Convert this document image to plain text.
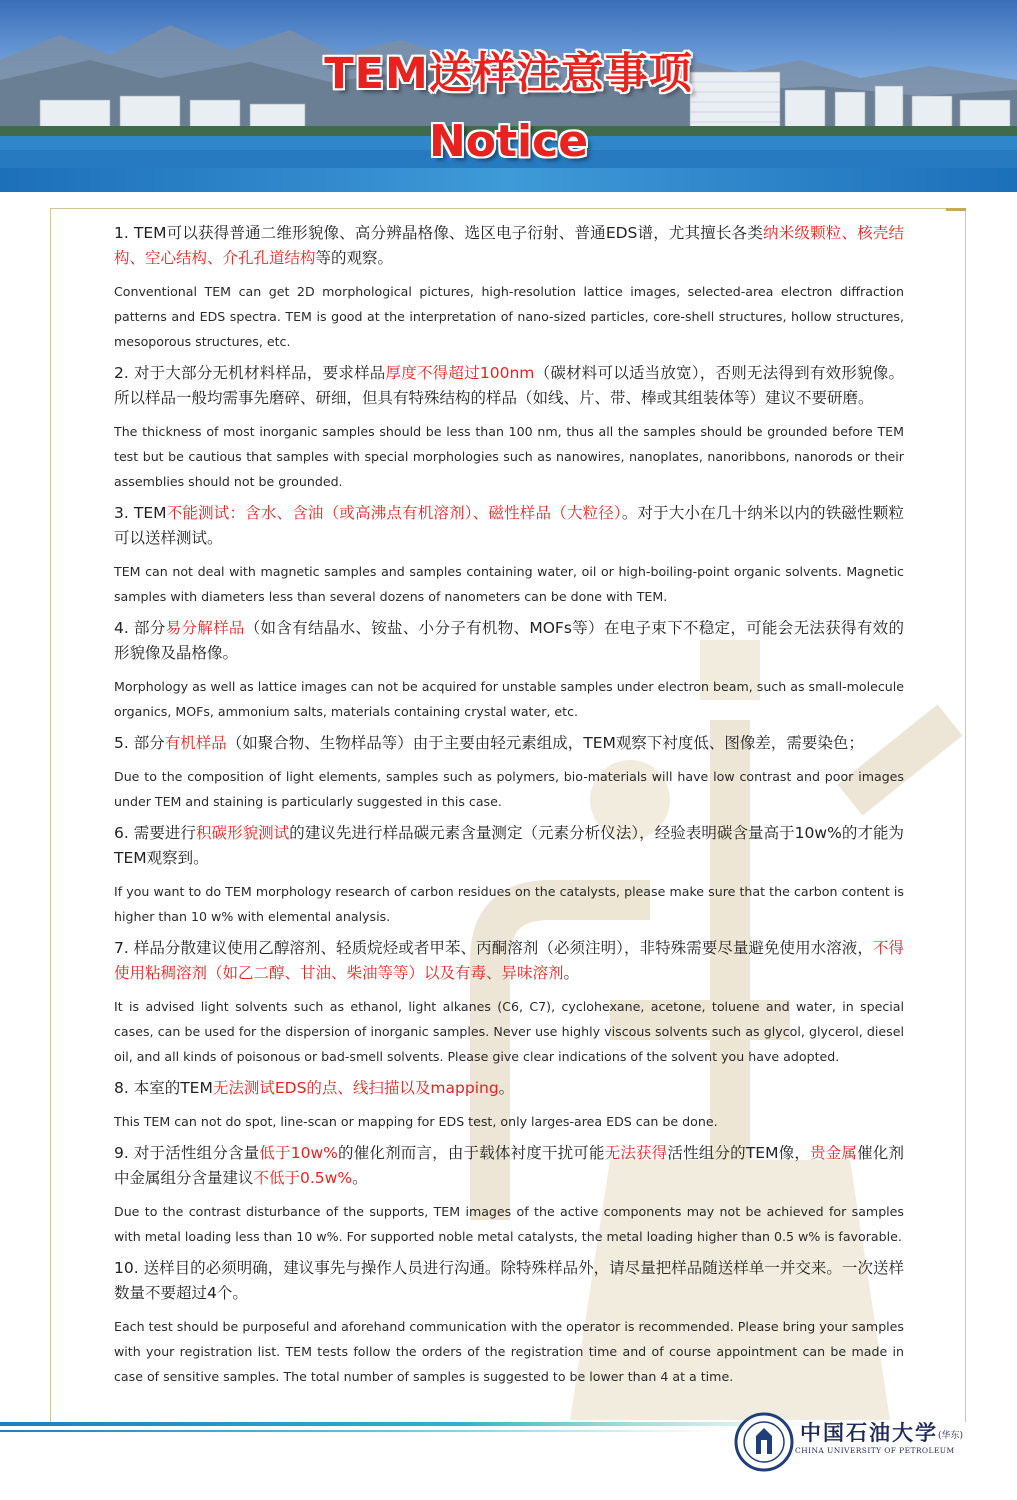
TEM送样注意事项
Notice

1. TEM可以获得普通二维形貌像、高分辨晶格像、选区电子衍射、普通EDS谱，尤其擅长各类纳米级颗粒、核壳结构、空心结构、介孔孔道结构等的观察。

Conventional TEM can get 2D morphological pictures, high-resolution lattice images, selected-area electron diffraction patterns and EDS spectra. TEM is good at the interpretation of nano-sized particles, core-shell structures, hollow structures, mesoporous structures, etc.

2. 对于大部分无机材料样品，要求样品厚度不得超过100nm（碳材料可以适当放宽），否则无法得到有效形貌像。所以样品一般均需事先磨碎、研细，但具有特殊结构的样品（如线、片、带、棒或其组装体等）建议不要研磨。

The thickness of most inorganic samples should be less than 100 nm, thus all the samples should be grounded before TEM test but be cautious that samples with special morphologies such as nanowires, nanoplates, nanoribbons, nanorods or their assemblies should not be grounded.

3. TEM不能测试：含水、含油（或高沸点有机溶剂）、磁性样品（大粒径）。对于大小在几十纳米以内的铁磁性颗粒可以送样测试。

TEM can not deal with magnetic samples and samples containing water, oil or high-boiling-point organic solvents. Magnetic samples with diameters less than several dozens of nanometers can be done with TEM.

4. 部分易分解样品（如含有结晶水、铵盐、小分子有机物、MOFs等）在电子束下不稳定，可能会无法获得有效的形貌像及晶格像。

Morphology as well as lattice images can not be acquired for unstable samples under electron beam, such as small-molecule organics, MOFs, ammonium salts, materials containing crystal water, etc.

5. 部分有机样品（如聚合物、生物样品等）由于主要由轻元素组成，TEM观察下衬度低、图像差，需要染色；

Due to the composition of light elements, samples such as polymers, bio-materials will have low contrast and poor images under TEM and staining is particularly suggested in this case.

6. 需要进行积碳形貌测试的建议先进行样品碳元素含量测定（元素分析仪法），经验表明碳含量高于10w%的才能为TEM观察到。

If you want to do TEM morphology research of carbon residues on the catalysts, please make sure that the carbon content is higher than 10 w% with elemental analysis.

7. 样品分散建议使用乙醇溶剂、轻质烷烃或者甲苯、丙酮溶剂（必须注明），非特殊需要尽量避免使用水溶液，不得使用粘稠溶剂（如乙二醇、甘油、柴油等等）以及有毒、异味溶剂。

It is advised light solvents such as ethanol, light alkanes (C6, C7), cyclohexane, acetone, toluene and water, in special cases, can be used for the dispersion of inorganic samples. Never use highly viscous solvents such as glycol, glycerol, diesel oil, and all kinds of poisonous or bad-smell solvents. Please give clear indications of the solvent you have adopted.

8. 本室的TEM无法测试EDS的点、线扫描以及mapping。

This TEM can not do spot, line-scan or mapping for EDS test, only larges-area EDS can be done.

9. 对于活性组分含量低于10w%的催化剂而言，由于载体衬度干扰可能无法获得活性组分的TEM像，贵金属催化剂中金属组分含量建议不低于0.5w%。

Due to the contrast disturbance of the supports, TEM images of the active components may not be achieved for samples with metal loading less than 10 w%. For supported noble metal catalysts, the metal loading higher than 0.5 w% is favorable.

10. 送样目的必须明确，建议事先与操作人员进行沟通。除特殊样品外，请尽量把样品随送样单一并交来。一次送样数量不要超过4个。

Each test should be purposeful and aforehand communication with the operator is recommended. Please bring your samples with your registration list. TEM tests follow the orders of the registration time and of course appointment can be made in case of sensitive samples. The total number of samples is suggested to be lower than 4 at a time.

中国石油大学(华东)
CHINA UNIVERSITY OF PETROLEUM
